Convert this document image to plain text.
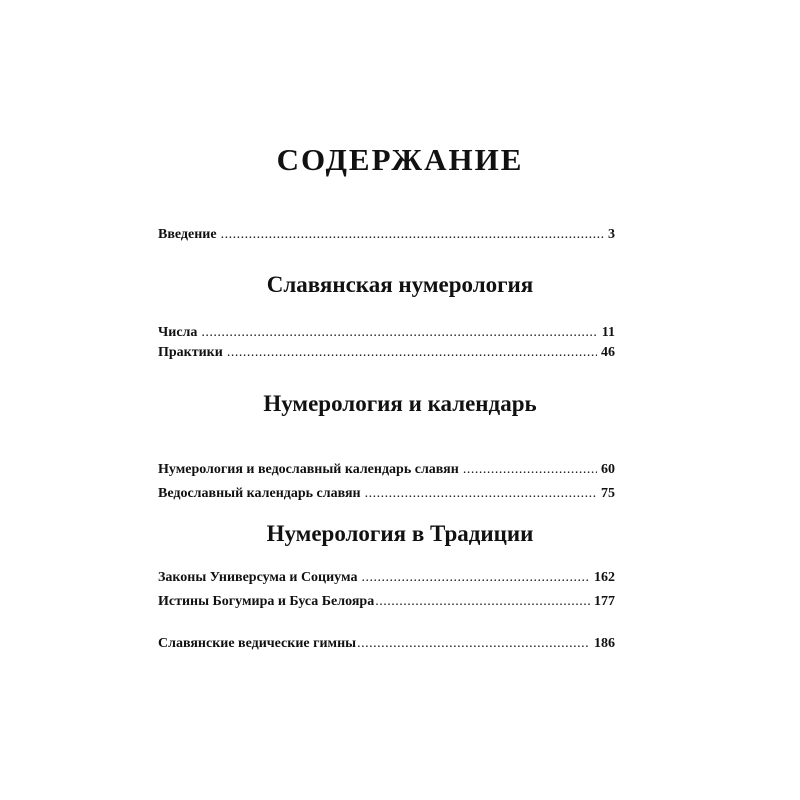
СОДЕРЖАНИЕ
Введение .....	3
Славянская нумерология
Числа .....	11
Практики .....	46
Нумерология и календарь
Нумерология и ведославный календарь славян .....	60
Ведославный календарь славян .....	75
Нумерология в Традиции
Законы Универсума и Социума .....	162
Истины Богумира и Буса Белояра .....	177
Славянские ведические гимны .....	186
